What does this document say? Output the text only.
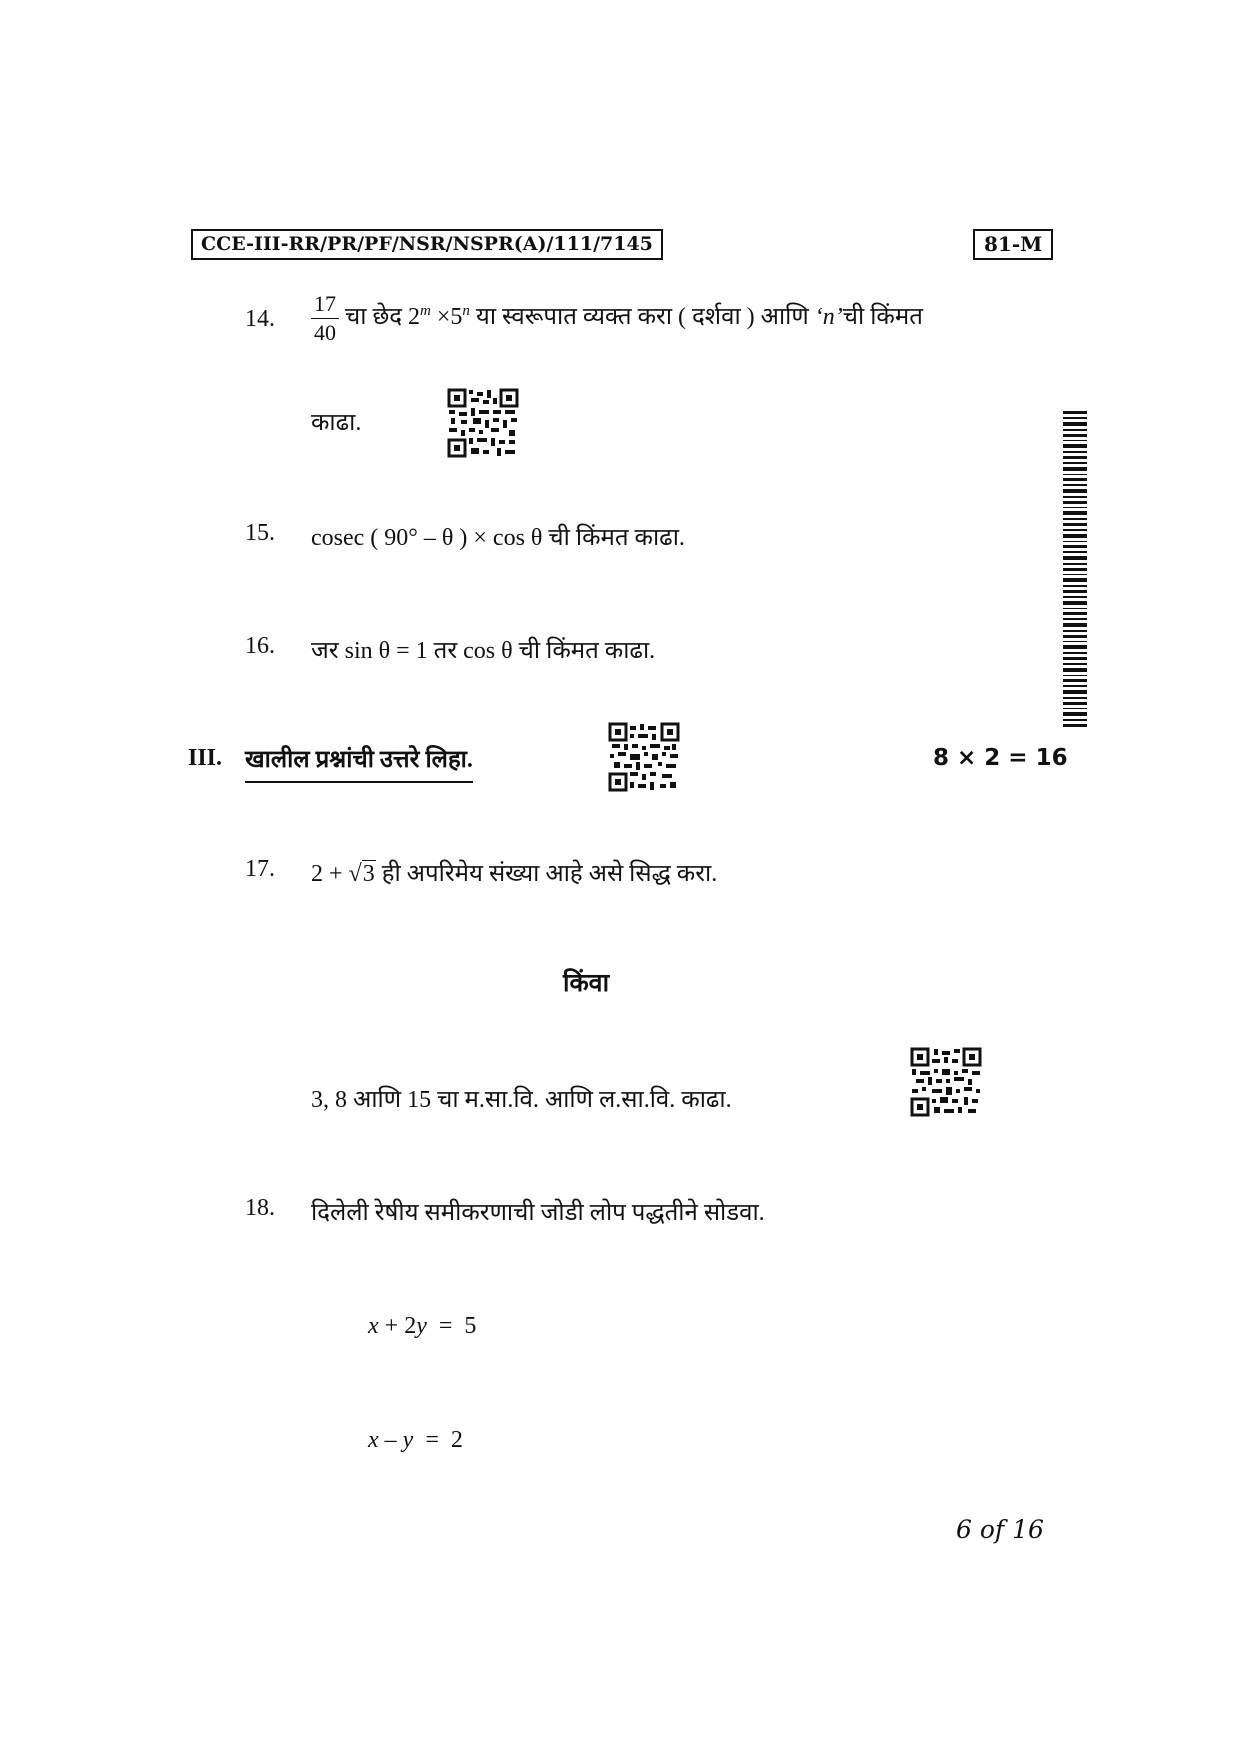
CCE-III-RR/PR/PF/NSR/NSPR(A)/111/7145	81-M
14. $\frac{17}{40}$ चा छेद $2^m \times 5^n$ या स्वरूपात व्यक्त करा ( दर्शवा ) आणि ‘n’ची किंमत
काढा.
15. cosec ( 90° – θ ) × cos θ ची किंमत काढा.
16. जर sin θ = 1 तर cos θ ची किंमत काढा.
III. खालील प्रश्नांची उत्तरे लिहा.	8 × 2 = 16
17. 2 + √3 ही अपरिमेय संख्या आहे असे सिद्ध करा.
किंवा
3, 8 आणि 15 चा म.सा.वि. आणि ल.सा.वि. काढा.
18. दिलेली रेषीय समीकरणाची जोडी लोप पद्धतीने सोडवा.
x + 2y  =  5
x – y  =  2
6 of 16
